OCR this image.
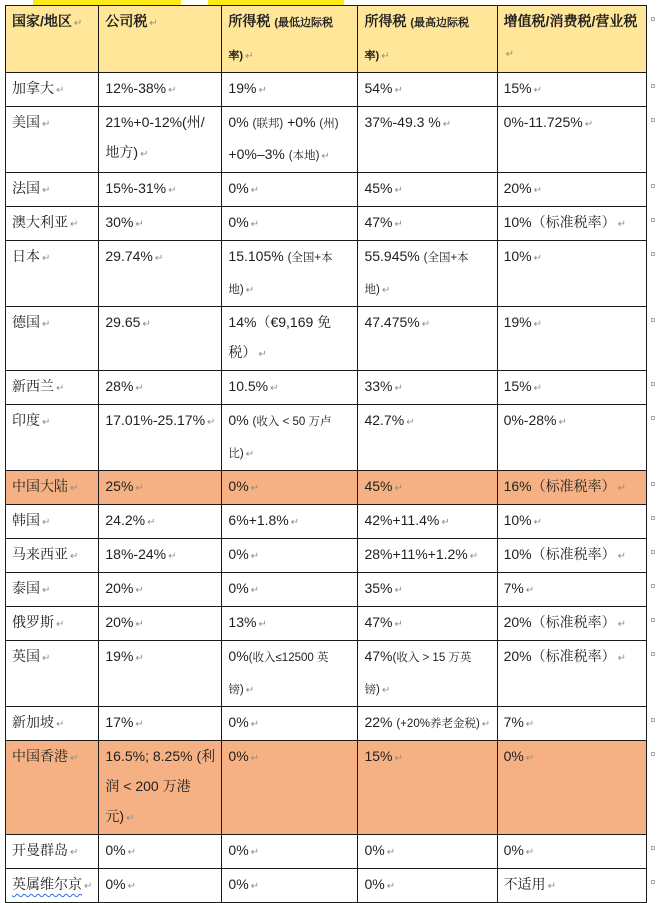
国家/地区 ↵	公司税 ↵	所得税 (最低边际税率) ↵	所得税 (最高边际税率) ↵	增值税/消费税/营业税↵	¤
加拿大 ↵	12%-38% ↵	19% ↵	54% ↵	15% ↵	¤
美国 ↵	21%+0-12%(州/地方) ↵	0% (联邦) +0% (州) +0%–3% (本地) ↵	37%-49.3 % ↵	0%-11.725% ↵	¤
法国 ↵	15%-31% ↵	0% ↵	45% ↵	20% ↵	¤
澳大利亚 ↵	30% ↵	0% ↵	47% ↵	10%（标准税率） ↵	¤
日本 ↵	29.74% ↵	15.105% (全国+本地) ↵	55.945% (全国+本地) ↵	10% ↵	¤
德国 ↵	29.65 ↵	14%（€9,169 免税） ↵	47.475% ↵	19% ↵	¤
新西兰 ↵	28% ↵	10.5% ↵	33% ↵	15% ↵	¤
印度 ↵	17.01%-25.17% ↵	0% (收入 < 50 万卢比) ↵	42.7% ↵	0%-28% ↵	¤
中国大陆 ↵	25% ↵	0% ↵	45% ↵	16%（标准税率） ↵	¤
韩国 ↵	24.2% ↵	6%+1.8% ↵	42%+11.4% ↵	10% ↵	¤
马来西亚 ↵	18%-24% ↵	0% ↵	28%+11%+1.2% ↵	10%（标准税率） ↵	¤
泰国 ↵	20% ↵	0% ↵	35% ↵	7% ↵	¤
俄罗斯 ↵	20% ↵	13% ↵	47% ↵	20%（标准税率） ↵	¤
英国 ↵	19% ↵	0%(收入≤12500 英镑) ↵	47%(收入 > 15 万英镑) ↵	20%（标准税率） ↵	¤
新加坡 ↵	17% ↵	0% ↵	22% (+20%养老金税) ↵	7% ↵	¤
中国香港 ↵	16.5%; 8.25% (利润 < 200 万港元) ↵	0% ↵	15% ↵	0% ↵	¤
开曼群岛 ↵	0% ↵	0% ↵	0% ↵	0% ↵	¤
英属维尔京 ↵	0% ↵	0% ↵	0% ↵	不适用 ↵	¤
